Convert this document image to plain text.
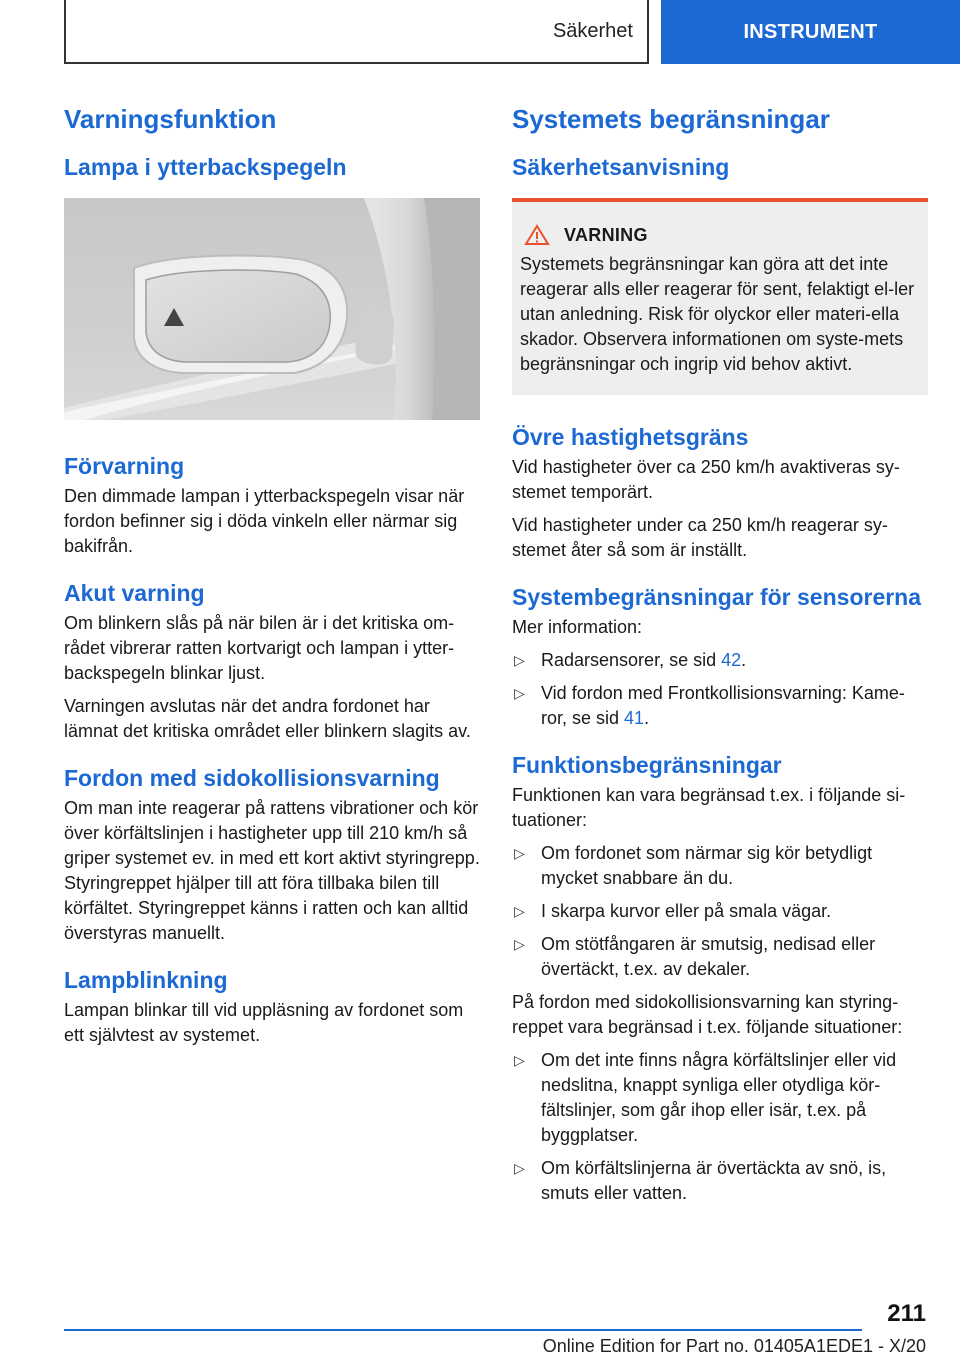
Säkerhet	INSTRUMENT
Varningsfunktion
Lampa i ytterbackspegeln
Förvarning

Den dimmade lampan i ytterbackspegeln visar när fordon befinner sig i döda vinkeln eller närmar sig bakifrån.

Akut varning

Om blinkern slås på när bilen är i det kritiska om-rådet vibrerar ratten kortvarigt och lampan i ytter-backspegeln blinkar ljust.

Varningen avslutas när det andra fordonet har lämnat det kritiska området eller blinkern slagits av.

Fordon med sidokollisionsvarning

Om man inte reagerar på rattens vibrationer och kör över körfältslinjen i hastigheter upp till 210 km/h så griper systemet ev. in med ett kort aktivt styringrepp. Styringreppet hjälper till att föra tillbaka bilen till körfältet. Styringreppet känns i ratten och kan alltid överstyras manuellt.

Lampblinkning

Lampan blinkar till vid uppläsning av fordonet som ett självtest av systemet.

Systemets begränsningar
Säkerhetsanvisning
VARNING

Systemets begränsningar kan göra att det inte reagerar alls eller reagerar för sent, felaktigt el-ler utan anledning. Risk för olyckor eller materi-ella skador. Observera informationen om syste-mets begränsningar och ingrip vid behov aktivt.

Övre hastighetsgräns

Vid hastigheter över ca 250 km/h avaktiveras sy-stemet temporärt.

Vid hastigheter under ca 250 km/h reagerar sy-stemet åter så som är inställt.

Systembegränsningar för sensorerna

Mer information:

▷ Radarsensorer, se sid 42.
▷ Vid fordon med Frontkollisionsvarning: Kame-ror, se sid 41.
Funktionsbegränsningar

Funktionen kan vara begränsad t.ex. i följande si-tuationer:

▷ Om fordonet som närmar sig kör betydligt mycket snabbare än du.
▷ I skarpa kurvor eller på smala vägar.
▷ Om stötfångaren är smutsig, nedisad eller övertäckt, t.ex. av dekaler.

På fordon med sidokollisionsvarning kan styring-reppet vara begränsad i t.ex. följande situationer:

▷ Om det inte finns några körfältslinjer eller vid nedslitna, knappt synliga eller otydliga kör-fältslinjer, som går ihop eller isär, t.ex. på byggplatser.
▷ Om körfältslinjerna är övertäckta av snö, is, smuts eller vatten.
211
Online Edition for Part no. 01405A1EDE1 - X/20
